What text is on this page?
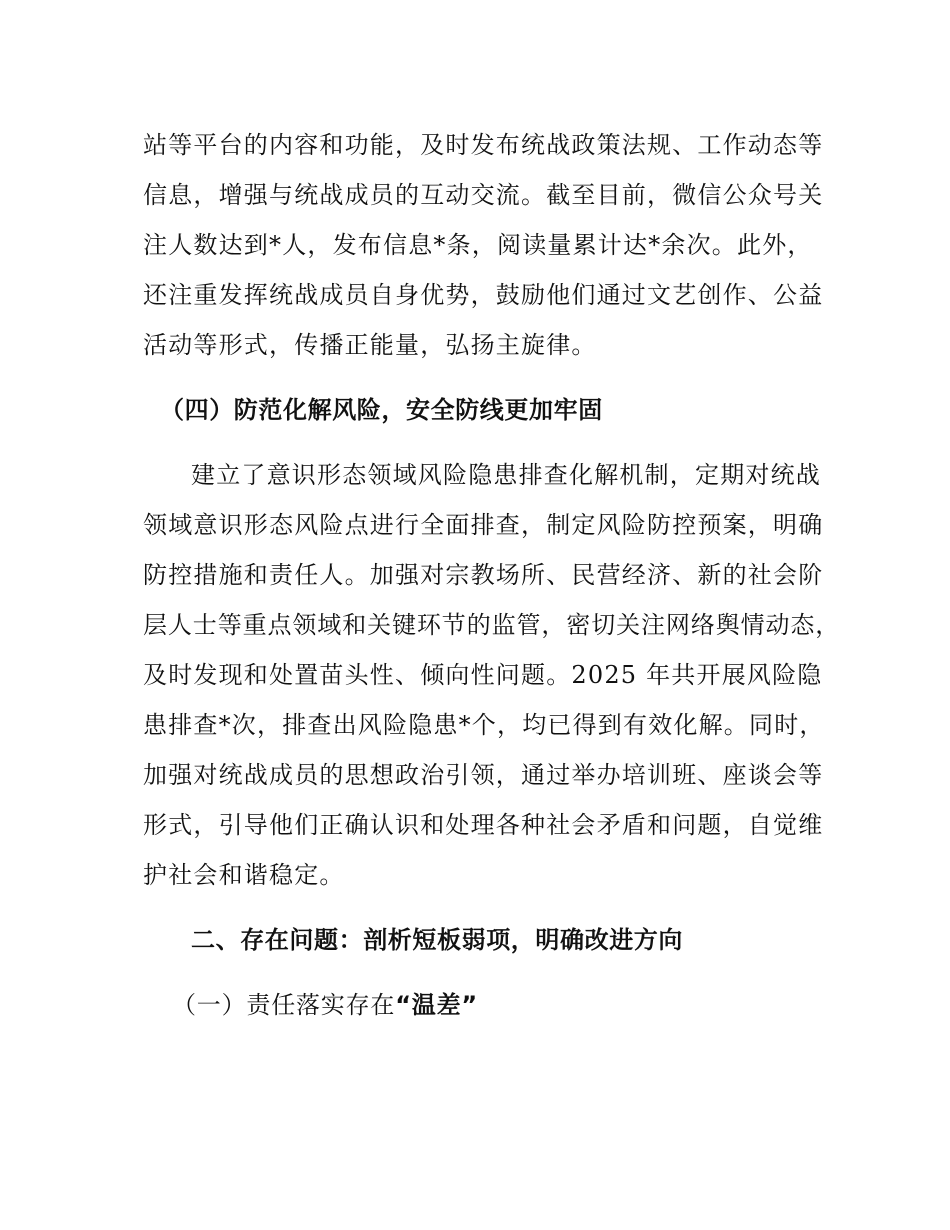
站等平台的内容和功能，及时发布统战政策法规、工作动态等
信息，增强与统战成员的互动交流。截至目前，微信公众号关
注人数达到*人，发布信息*条，阅读量累计达*余次。此外，
还注重发挥统战成员自身优势，鼓励他们通过文艺创作、公益
活动等形式，传播正能量，弘扬主旋律。
（四）防范化解风险，安全防线更加牢固
建立了意识形态领域风险隐患排查化解机制，定期对统战
领域意识形态风险点进行全面排查，制定风险防控预案，明确
防控措施和责任人。加强对宗教场所、民营经济、新的社会阶
层人士等重点领域和关键环节的监管，密切关注网络舆情动态，
及时发现和处置苗头性、倾向性问题。2025 年共开展风险隐
患排查*次，排查出风险隐患*个，均已得到有效化解。同时，
加强对统战成员的思想政治引领，通过举办培训班、座谈会等
形式，引导他们正确认识和处理各种社会矛盾和问题，自觉维
护社会和谐稳定。
二、存在问题：剖析短板弱项，明确改进方向
（一）责任落实存在“温差”
